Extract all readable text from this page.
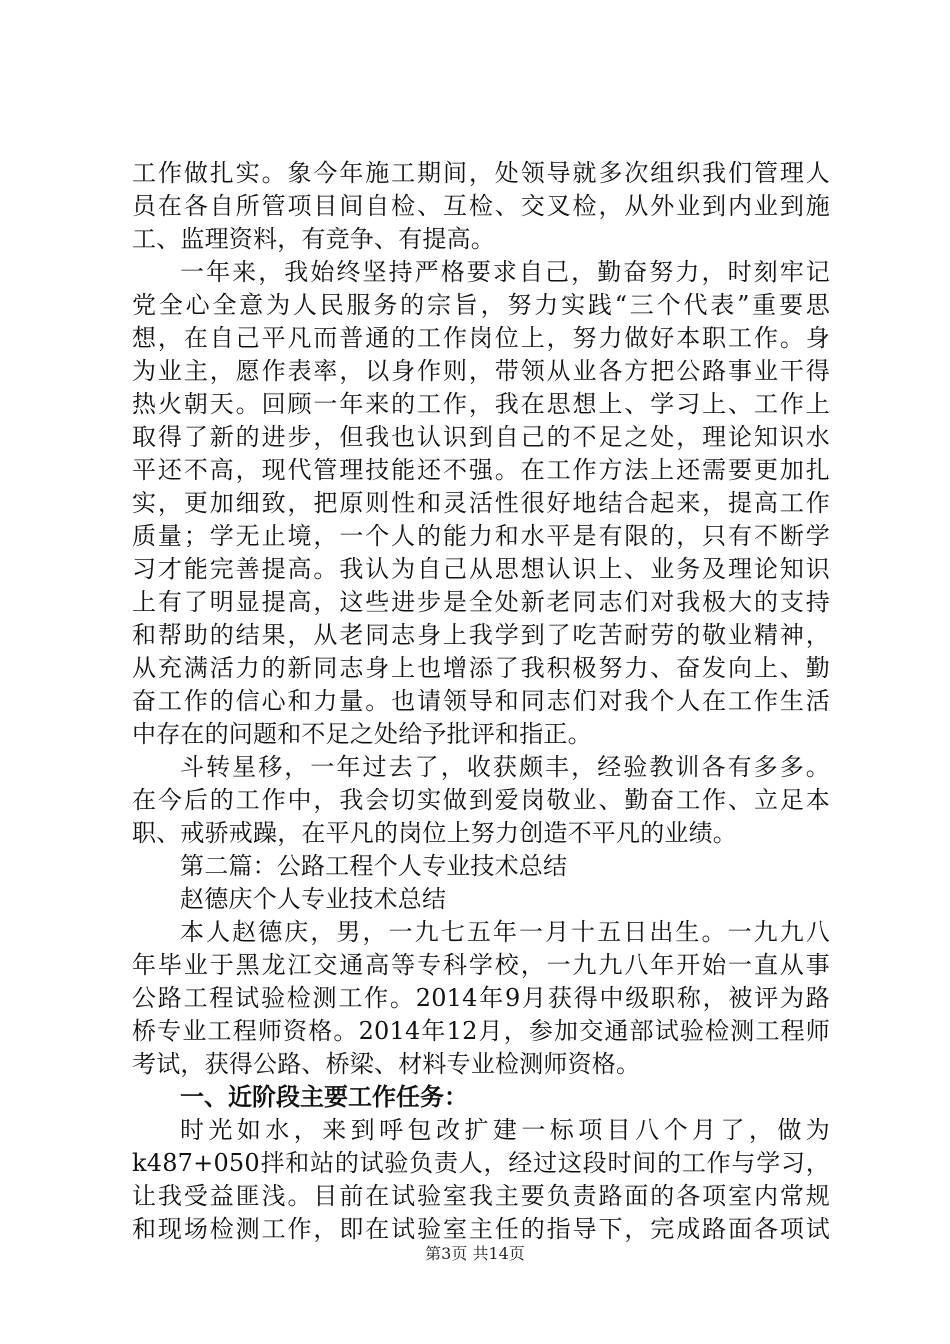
工作做扎实。象今年施工期间，处领导就多次组织我们管理人
员在各自所管项目间自检、互检、交叉检，从外业到内业到施
工、监理资料，有竞争、有提高。
一年来，我始终坚持严格要求自己，勤奋努力，时刻牢记
党全心全意为人民服务的宗旨，努力实践“三个代表”重要思
想，在自己平凡而普通的工作岗位上，努力做好本职工作。身
为业主，愿作表率，以身作则，带领从业各方把公路事业干得
热火朝天。回顾一年来的工作，我在思想上、学习上、工作上
取得了新的进步，但我也认识到自己的不足之处，理论知识水
平还不高，现代管理技能还不强。在工作方法上还需要更加扎
实，更加细致，把原则性和灵活性很好地结合起来，提高工作
质量；学无止境，一个人的能力和水平是有限的，只有不断学
习才能完善提高。我认为自己从思想认识上、业务及理论知识
上有了明显提高，这些进步是全处新老同志们对我极大的支持
和帮助的结果，从老同志身上我学到了吃苦耐劳的敬业精神，
从充满活力的新同志身上也增添了我积极努力、奋发向上、勤
奋工作的信心和力量。也请领导和同志们对我个人在工作生活
中存在的问题和不足之处给予批评和指正。
斗转星移，一年过去了，收获颇丰，经验教训各有多多。
在今后的工作中，我会切实做到爱岗敬业、勤奋工作、立足本
职、戒骄戒躁，在平凡的岗位上努力创造不平凡的业绩。
第二篇：公路工程个人专业技术总结
赵德庆个人专业技术总结
本人赵德庆，男，一九七五年一月十五日出生。一九九八
年毕业于黑龙江交通高等专科学校，一九九八年开始一直从事
公路工程试验检测工作。2014年9月获得中级职称，被评为路
桥专业工程师资格。2014年12月，参加交通部试验检测工程师
考试，获得公路、桥梁、材料专业检测师资格。
一、近阶段主要工作任务：
时光如水，来到呼包改扩建一标项目八个月了，做为
k487+050拌和站的试验负责人，经过这段时间的工作与学习，
让我受益匪浅。目前在试验室我主要负责路面的各项室内常规
和现场检测工作，即在试验室主任的指导下，完成路面各项试
第3页 共14页
